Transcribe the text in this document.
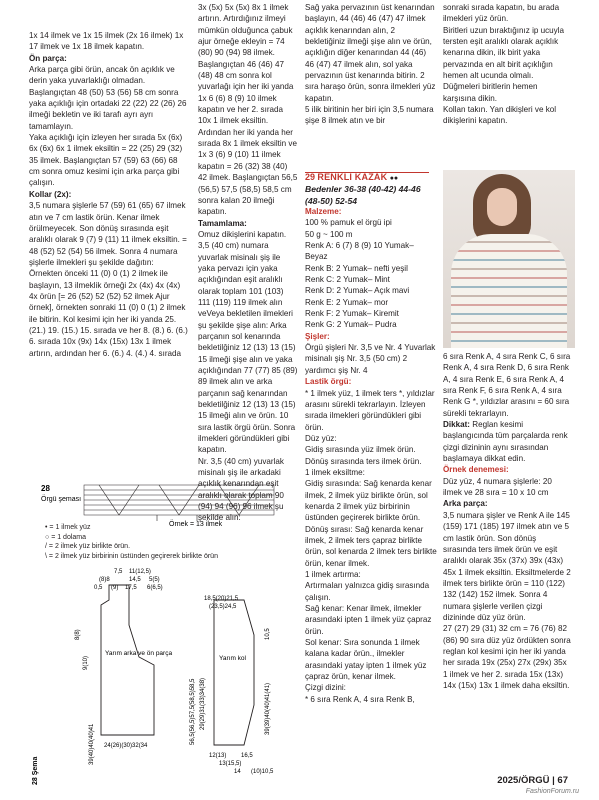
1x 14 ilmek ve 1x 15 ilmek (2x 16 ilmek) 1x 17 ilmek ve 1x 18 ilmek kapatın.

Ön parça:

Arka parça gibi örün, ancak ön açıklık ve derin yaka yuvarlaklığı olmadan. Başlangıçtan 48 (50) 53 (56) 58 cm sonra yaka açıklığı için ortadaki 22 (22) 22 (26) 26 ilmeği bekletin ve iki tarafı ayrı ayrı tamamlayın.

Yaka açıklığı için izleyen her sırada 5x (6x) 6x (6x) 6x 1 ilmek eksiltin = 22 (25) 29 (32) 35 ilmek. Başlangıçtan 57 (59) 63 (66) 68 cm sonra omuz kesimi için arka parça gibi çalışın.

Kollar (2x):

3,5 numara şişlerle 57 (59) 61 (65) 67 ilmek atın ve 7 cm lastik örün. Kenar ilmek örülmeyecek. Son dönüş sırasında eşit aralıklı olarak 9 (7) 9 (11) 11 ilmek eksiltin. = 48 (52) 52 (54) 56 ilmek. Sonra 4 numara şişlerle ilmekleri şu şekilde dağıtın: Örnekten önceki 11 (0) 0 (1) 2 ilmek ile başlayın, 13 ilmeklik örneği 2x (4x) 4x (4x) 4x örün [= 26 (52) 52 (52) 52 ilmek Ajur örnek], örnekten sonraki 11 (0) 0 (1) 2 ilmek ile bitirin. Kol kesimi için her iki yanda 25. (21.) 19. (15.) 15. sırada ve her 8. (8.) 6. (6.) 6. sırada 10x (9x) 14x (15x) 13x 1 ilmek artırın, ardından her 6. (6.) 4. (4.) 4. sırada

3x (5x) 5x (5x) 8x 1 ilmek artırın. Artırdığınız ilmeyi mümkün olduğunca çabuk ajur örneğe ekleyin = 74 (80) 90 (94) 98 ilmek.

Başlangıçtan 46 (46) 47 (48) 48 cm sonra kol yuvarlağı için her iki yanda 1x 6 (6) 8 (9) 10 ilmek kapatın ve her 2. sırada 10x 1 ilmek eksiltin. Ardından her iki yanda her sırada 8x 1 ilmek eksiltin ve 1x 3 (6) 9 (10) 11 ilmek kapatın = 26 (32) 38 (40) 42 ilmek. Başlangıçtan 56,5 (56,5) 57,5 (58,5) 58,5 cm sonra kalan 20 ilmeği kapatın.

Tamamlama:

Omuz dikişlerini kapatın.

3,5 (40 cm) numara yuvarlak misinalı şiş ile yaka pervazı için yaka açıklığından eşit aralıklı olarak toplam 101 (103) 111 (119) 119 ilmek alın veVeya bekletilen ilmekleri şu şekilde şişe alın: Arka parçanın sol kenarında bekletilğiniz 12 (13) 13 (15) 15 ilmeği şişe alın ve yaka açıklığından 77 (77) 85 (89) 89 ilmek alın ve arka parçanın sağ kenarından bekletilğiniz 12 (13) 13 (15) 15 ilmeği alın ve örün. 10 sıra lastik örgü örün. Sonra ilmekleri göründükleri gibi kapatın.

Nr. 3,5 (40 cm) yuvarlak misinalı şiş ile arkadaki açıklık kenarından eşit aralıklı olarak toplam 90 (94) 94 (96) 96 ilmek şu şekilde alın:

Sağ yaka pervazının üst kenarından başlayın, 44 (46) 46 (47) 47 ilmek açıklık kenarından alın, 2 bekletiğiniz ilmeği şişe alın ve örün, açıklığın diğer kenarından 44 (46) 46 (47) 47 ilmek alın, sol yaka pervazının üst kenarında bitirin. 2 sıra haraşo örün, sonra ilmekleri yüz kapatın.

5 ilik biritinin her biri için 3,5 numara şişe 8 ilmek atın ve bir

29 RENKLİ KAZAK ●●
Bedenler 36-38 (40-42) 44-46 (48-50) 52-54

Malzeme:

100 % pamuk el örgü ipi

50 g ~ 100 m

Renk A: 6 (7) 8 (9) 10 Yumak– Beyaz

Renk B: 2 Yumak– nefti yeşil

Renk C: 2 Yumak– Mint

Renk D: 2 Yumak– Açık mavi

Renk E: 2 Yumak– mor

Renk F: 2 Yumak– Kiremit

Renk G: 2 Yumak– Pudra

Şişler:

Örgü şişleri Nr. 3,5 ve Nr. 4 Yuvarlak misinalı şiş Nr. 3,5 (50 cm) 2 yardımcı şiş Nr. 4

Lastik örgü:

* 1 ilmek yüz, 1 ilmek ters *, yıldızlar arasını sürekli tekrarlayın. İzleyen sırada ilmekleri göründükleri gibi örün.

Düz yüz:

Gidiş sırasında yüz ilmek örün. Dönüş sırasında ters ilmek örün.

1 ilmek eksiltme:

Gidiş sırasında: Sağ kenarda kenar ilmek, 2 ilmek yüz birlikte örün, sol kenarda 2 ilmek yüz birbirinin üstünden geçirerek birlikte örün.

Dönüş sırası: Sağ kenarda kenar ilmek, 2 ilmek ters çapraz birlikte örün, sol kenarda 2 ilmek ters birlikte örün, kenar ilmek.

1 ilmek artırma:

Artırmaları yalnızca gidiş sırasında çalışın.

Sağ kenar: Kenar ilmek, ilmekler arasındaki ipten 1 ilmek yüz çapraz örün.

Sol kenar: Sıra sonunda 1 ilmek kalana kadar örün., ilmekler arasındaki yatay ipten 1 ilmek yüz çapraz örün, kenar ilmek.

Çizgi dizini:

* 6 sıra Renk A, 4 sıra Renk B,

sonraki sırada kapatın, bu arada ilmekleri yüz örün.

Biritleri uzun bıraktığınız ip ucuyla tersten eşit aralıklı olarak açıklık kenarına dikin, ilk birit yaka pervazında en alt birit açıklığın hemen alt ucunda olmalı.

Düğmeleri biritlerin hemen karşısına dikin.

Kollan takın. Yan dikişleri ve kol dikişlerini kapatın.

6 sıra Renk A, 4 sıra Renk C, 6 sıra Renk A, 4 sıra Renk D, 6 sıra Renk A, 4 sıra Renk E, 6 sıra Renk A, 4 sıra Renk F, 6 sıra Renk A, 4 sıra Renk G *, yıldızlar arasını = 60 sıra sürekli tekrarlayın.

Dikkat: Reglan kesimi başlangıcında tüm parçalarda renk çizgi dizininin aynı sırasından başlamaya dikkat edin.

Örnek denemesi:

Düz yüz, 4 numara şişlerle: 20 ilmek ve 28 sıra = 10 x 10 cm

Arka parça:

3,5 numara şişler ve Renk A ile 145 (159) 171 (185) 197 ilmek atın ve 5 cm lastik örün. Son dönüş sırasında ters ilmek örün ve eşit aralıklı olarak 35x (37x) 39x (43x) 45x 1 ilmek eksiltin. Eksiltmelerde 2 ilmek ters birlikte örün = 110 (122) 132 (142) 152 ilmek. Sonra 4 numara şişlerle verilen çizgi dizininde düz yüz örün.

27 (27) 29 (31) 32 cm = 76 (76) 82 (86) 90 sıra düz yüz ördükten sonra reglan kol kesimi için her iki yanda her sırada 19x (25x) 27x (29x) 35x 1 ilmek ve her 2. sırada 15x (13x) 14x (15x) 13x 1 ilmek daha eksiltin.

28
Örgü şeması
Örnek = 13 ilmek

• = 1 ilmek yüz

○ = 1 dolama

/ = 2 ilmek yüz birlikte örün.

\ = 2 ilmek yüz birbirinin üstünden geçirerek birlikte örün

Yarım arka ve ön parça
Yarım kol
28 Şema
7,5 11(12,5)
(8)8	14,5 5(5)
0,5 (9) 17,5 6(6,5)
8(8)
9(10)
39(40)40(40)41 24(26)(30)32(34
18,5(20)21,5
(23,5)24,5
10,5
56,5(56,5)57,5(58,5)58,5 29(29)31(33)34(38)	39(39)40(40)41(41)
12(13) 16,5
13(15,5)
14 (10)10,5
2025/ÖRGÜ | 67
FashionForum.ru
